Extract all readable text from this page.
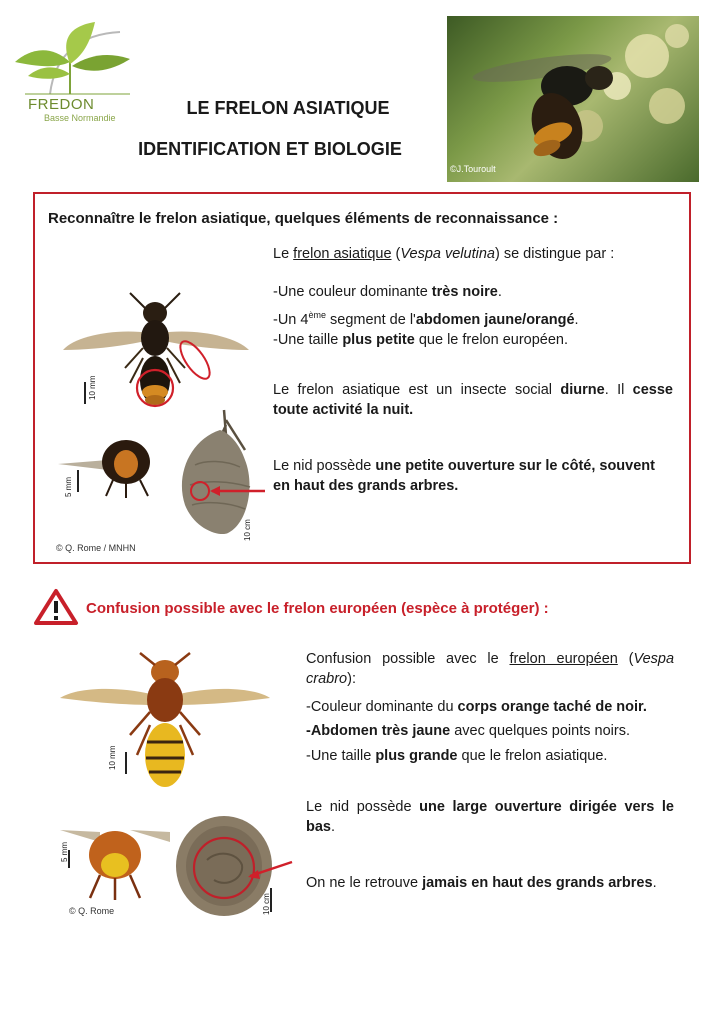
FREDON
Basse Normandie	LE FRELON ASIATIQUE
IDENTIFICATION ET BIOLOGIE
©J.Touroult
Reconnaître le frelon asiatique, quelques éléments de reconnaissance :
10 mm
5 mm
10 cm
© Q. Rome / MNHN
Le frelon asiatique (Vespa velutina) se distingue par :
-Une couleur dominante très noire.
-Un 4ème segment de l'abdomen jaune/orangé.
-Une taille plus petite que le frelon européen.
Le frelon asiatique est un insecte social diurne. Il cesse toute activité la nuit.
Le nid possède une petite ouverture sur le côté, souvent en haut des grands arbres.
Confusion possible avec le frelon européen (espèce à protéger) :
10 mm
5 mm
10 cm
© Q. Rome
Confusion possible avec le frelon européen (Vespa crabro):
-Couleur dominante du corps orange taché de noir.
-Abdomen très jaune avec quelques points noirs.
-Une taille plus grande que le frelon asiatique.
Le nid possède une large ouverture dirigée vers le bas.
On ne le retrouve jamais en haut des grands arbres.
